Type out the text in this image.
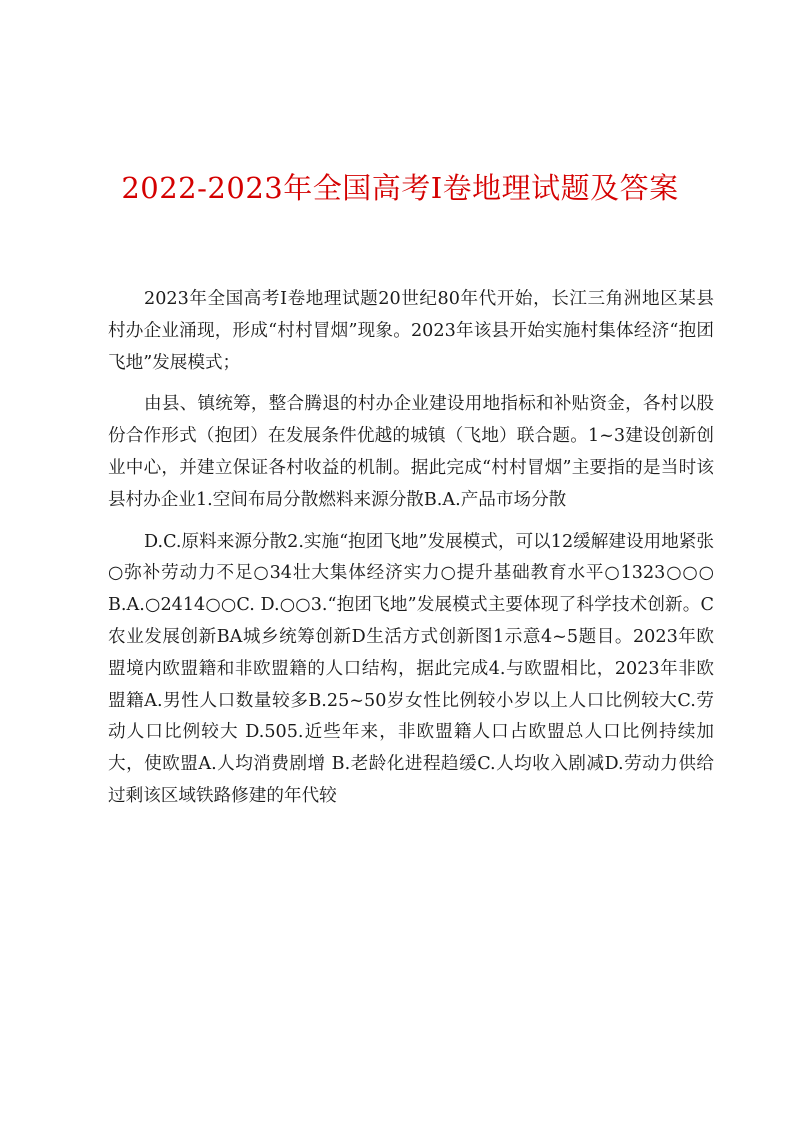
2022-2023年全国高考Ⅰ卷地理试题及答案

2023年全国高考Ⅰ卷地理试题20世纪80年代开始，长江三角洲地区某县村办企业涌现，形成“村村冒烟”现象。2023年该县开始实施村集体经济“抱团飞地”发展模式；

由县、镇统筹，整合腾退的村办企业建设用地指标和补贴资金，各村以股份合作形式（抱团）在发展条件优越的城镇（飞地）联合题。1~3建设创新创业中心，并建立保证各村收益的机制。据此完成“村村冒烟”主要指的是当时该县村办企业1.空间布局分散燃料来源分散B.A.产品市场分散

D.C.原料来源分散2.实施“抱团飞地”发展模式，可以12缓解建设用地紧张○弥补劳动力不足○34壮大集体经济实力○提升基础教育水平○1323○○○ B.A.○2414○○C. D.○○3.“抱团飞地”发展模式主要体现了科学技术创新。C 农业发展创新BA城乡统筹创新D生活方式创新图1示意4~5题目。2023年欧盟境内欧盟籍和非欧盟籍的人口结构，据此完成4.与欧盟相比，2023年非欧盟籍A.男性人口数量较多B.25~50岁女性比例较小岁以上人口比例较大C.劳动人口比例较大 D.505.近些年来，非欧盟籍人口占欧盟总人口比例持续加大，使欧盟A.人均消费剧增 B.老龄化进程趋缓C.人均收入剧减D.劳动力供给过剩该区域铁路修建的年代较
